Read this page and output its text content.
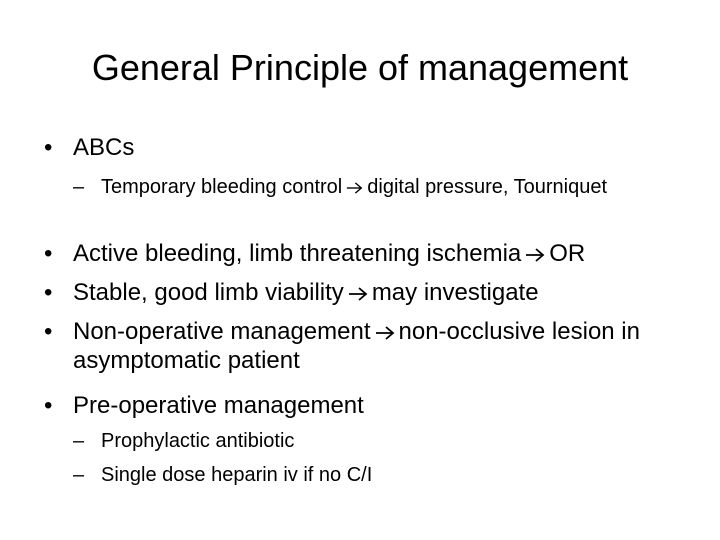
General Principle of management

• ABCs

– Temporary bleeding control digital pressure, Tourniquet

• Active bleeding, limb threatening ischemia OR

• Stable, good limb viability may investigate

• Non-operative management non-occlusive lesion in asymptomatic patient

• Pre-operative management

– Prophylactic antibiotic

– Single dose heparin iv if no C/I
